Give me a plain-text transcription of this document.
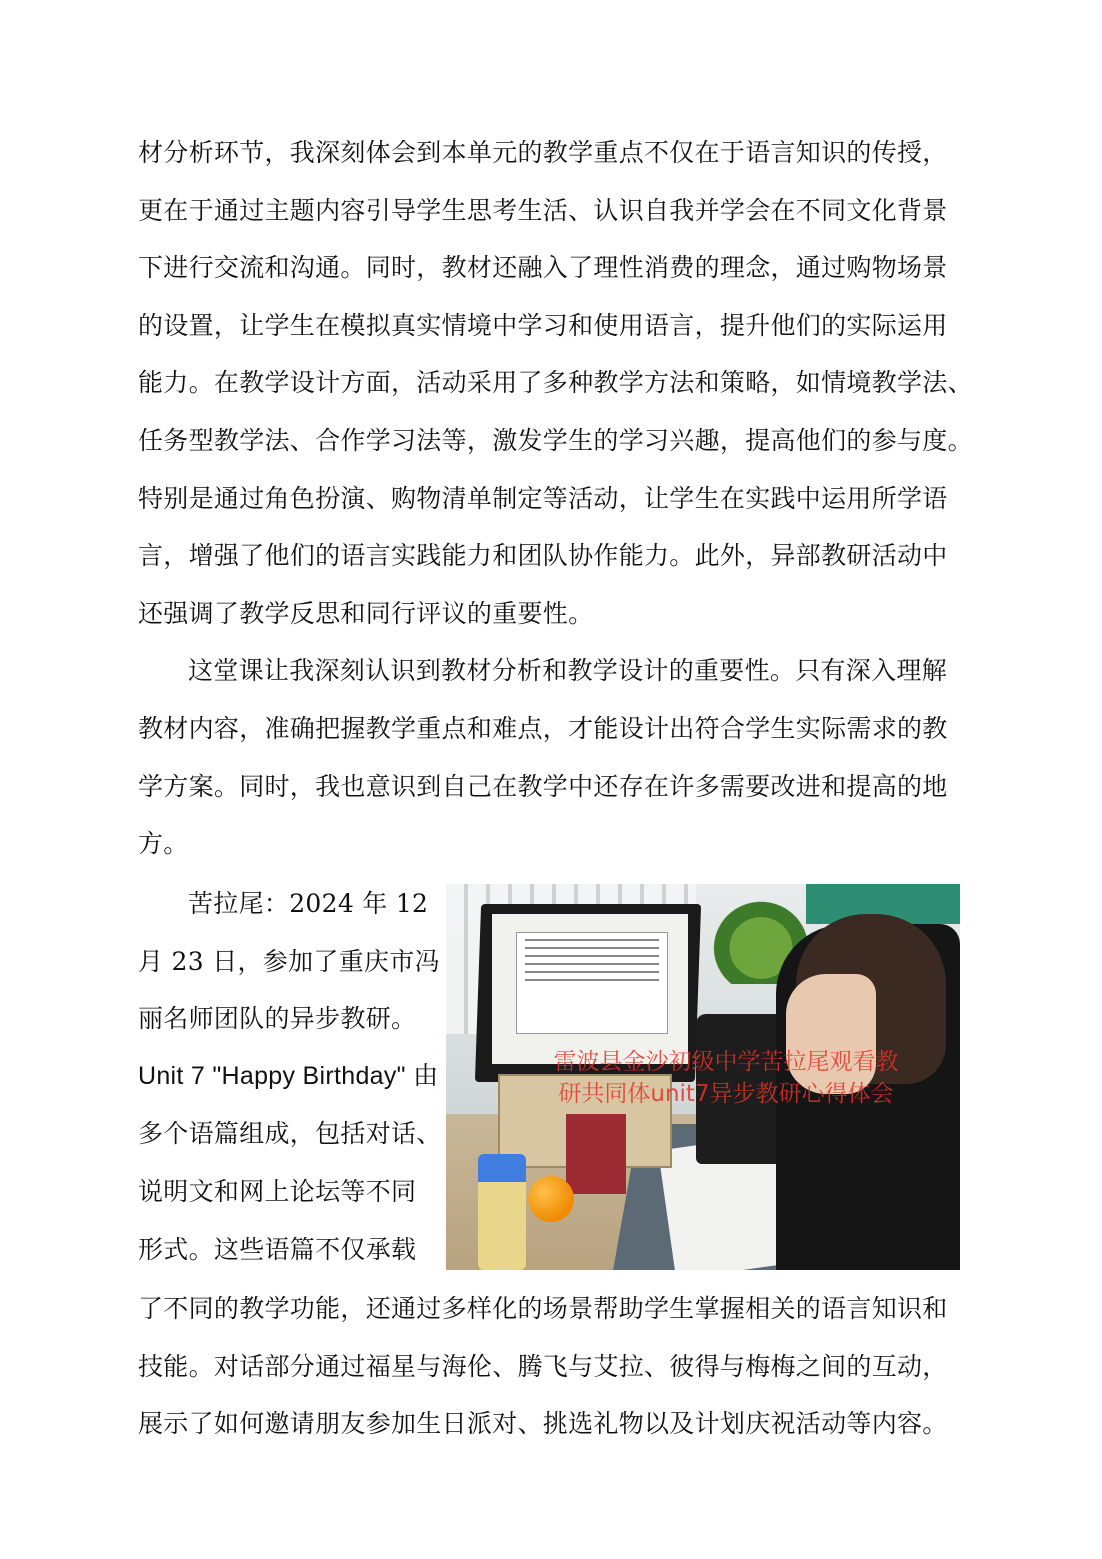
材分析环节，我深刻体会到本单元的教学重点不仅在于语言知识的传授，
更在于通过主题内容引导学生思考生活、认识自我并学会在不同文化背景
下进行交流和沟通。同时，教材还融入了理性消费的理念，通过购物场景
的设置，让学生在模拟真实情境中学习和使用语言，提升他们的实际运用
能力。在教学设计方面，活动采用了多种教学方法和策略，如情境教学法、
任务型教学法、合作学习法等，激发学生的学习兴趣，提高他们的参与度。
特别是通过角色扮演、购物清单制定等活动，让学生在实践中运用所学语
言，增强了他们的语言实践能力和团队协作能力。此外，异部教研活动中
还强调了教学反思和同行评议的重要性。

这堂课让我深刻认识到教材分析和教学设计的重要性。只有深入理解
教材内容，准确把握教学重点和难点，才能设计出符合学生实际需求的教
学方案。同时，我也意识到自己在教学中还存在许多需要改进和提高的地
方。

苦拉尾：2024 年 12
月 23 日，参加了重庆市冯
丽名师团队的异步教研。
Unit 7 "Happy Birthday" 由
多个语篇组成，包括对话、
说明文和网上论坛等不同
形式。这些语篇不仅承载

雷波县金沙初级中学苦拉尾观看教
研共同体unit7异步教研心得体会

了不同的教学功能，还通过多样化的场景帮助学生掌握相关的语言知识和
技能。对话部分通过福星与海伦、腾飞与艾拉、彼得与梅梅之间的互动，
展示了如何邀请朋友参加生日派对、挑选礼物以及计划庆祝活动等内容。
